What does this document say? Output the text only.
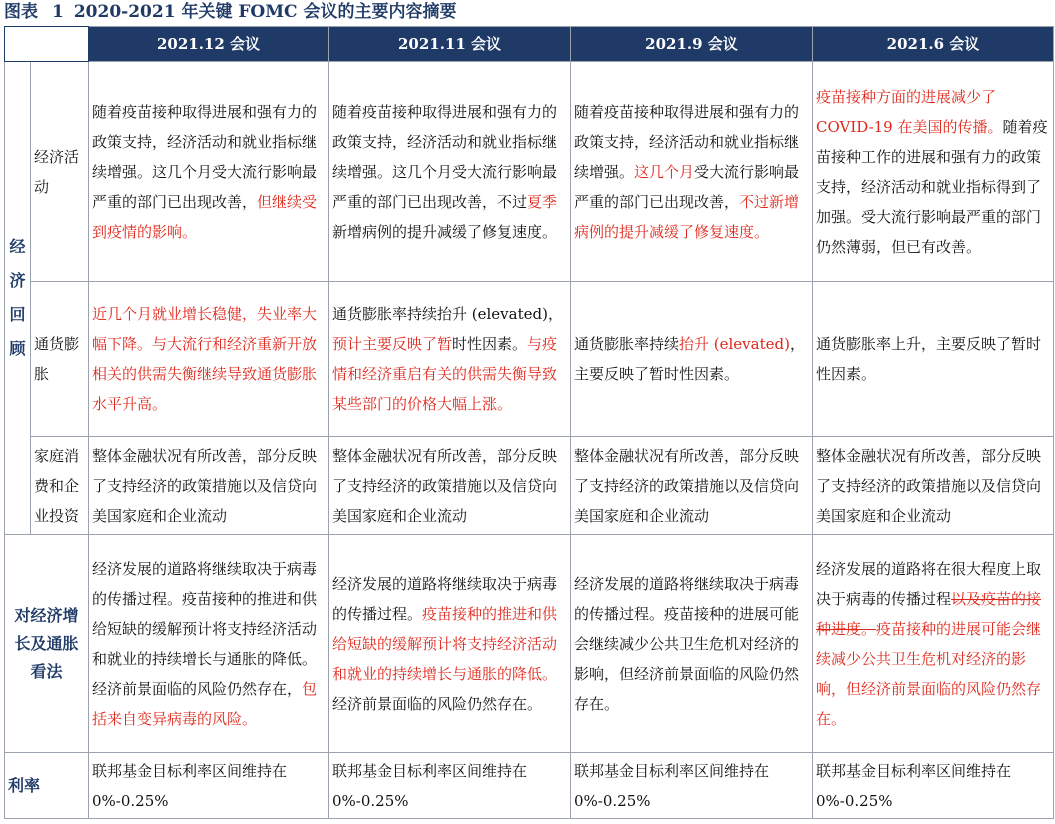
图表 1 2020-2021 年关键 FOMC 会议的主要内容摘要
		2021.12 会议	2021.11 会议	2021.9 会议	2021.6 会议
经济回顾	经济活动	随着疫苗接种取得进展和强有力的政策支持，经济活动和就业指标继续增强。这几个月受大流行影响最严重的部门已出现改善，但继续受到疫情的影响。	随着疫苗接种取得进展和强有力的政策支持，经济活动和就业指标继续增强。这几个月受大流行影响最严重的部门已出现改善，不过夏季新增病例的提升减缓了修复速度。	随着疫苗接种取得进展和强有力的政策支持，经济活动和就业指标继续增强。这几个月受大流行影响最严重的部门已出现改善，不过新增病例的提升减缓了修复速度。	疫苗接种方面的进展减少了 COVID-19 在美国的传播。随着疫苗接种工作的进展和强有力的政策支持，经济活动和就业指标得到了加强。受大流行影响最严重的部门仍然薄弱，但已有改善。
	通货膨胀	近几个月就业增长稳健，失业率大幅下降。与大流行和经济重新开放相关的供需失衡继续导致通货膨胀水平升高。	通货膨胀率持续抬升 (elevated)，预计主要反映了暂时性因素。与疫情和经济重启有关的供需失衡导致某些部门的价格大幅上涨。	通货膨胀率持续抬升 (elevated)，主要反映了暂时性因素。	通货膨胀率上升，主要反映了暂时性因素。
	家庭消费和企业投资	整体金融状况有所改善，部分反映了支持经济的政策措施以及信贷向美国家庭和企业流动	整体金融状况有所改善，部分反映了支持经济的政策措施以及信贷向美国家庭和企业流动	整体金融状况有所改善，部分反映了支持经济的政策措施以及信贷向美国家庭和企业流动	整体金融状况有所改善，部分反映了支持经济的政策措施以及信贷向美国家庭和企业流动
对经济增长及通胀看法		经济发展的道路将继续取决于病毒的传播过程。疫苗接种的推进和供给短缺的缓解预计将支持经济活动和就业的持续增长与通胀的降低。经济前景面临的风险仍然存在，包括来自变异病毒的风险。	经济发展的道路将继续取决于病毒的传播过程。疫苗接种的推进和供给短缺的缓解预计将支持经济活动和就业的持续增长与通胀的降低。经济前景面临的风险仍然存在。	经济发展的道路将继续取决于病毒的传播过程。疫苗接种的进展可能会继续减少公共卫生危机对经济的影响，但经济前景面临的风险仍然存在。	经济发展的道路将在很大程度上取决于病毒的传播过程以及疫苗的接种进度。疫苗接种的进展可能会继续减少公共卫生危机对经济的影响，但经济前景面临的风险仍然存在。
利率		联邦基金目标利率区间维持在 0%-0.25%	联邦基金目标利率区间维持在 0%-0.25%	联邦基金目标利率区间维持在 0%-0.25%	联邦基金目标利率区间维持在 0%-0.25%
